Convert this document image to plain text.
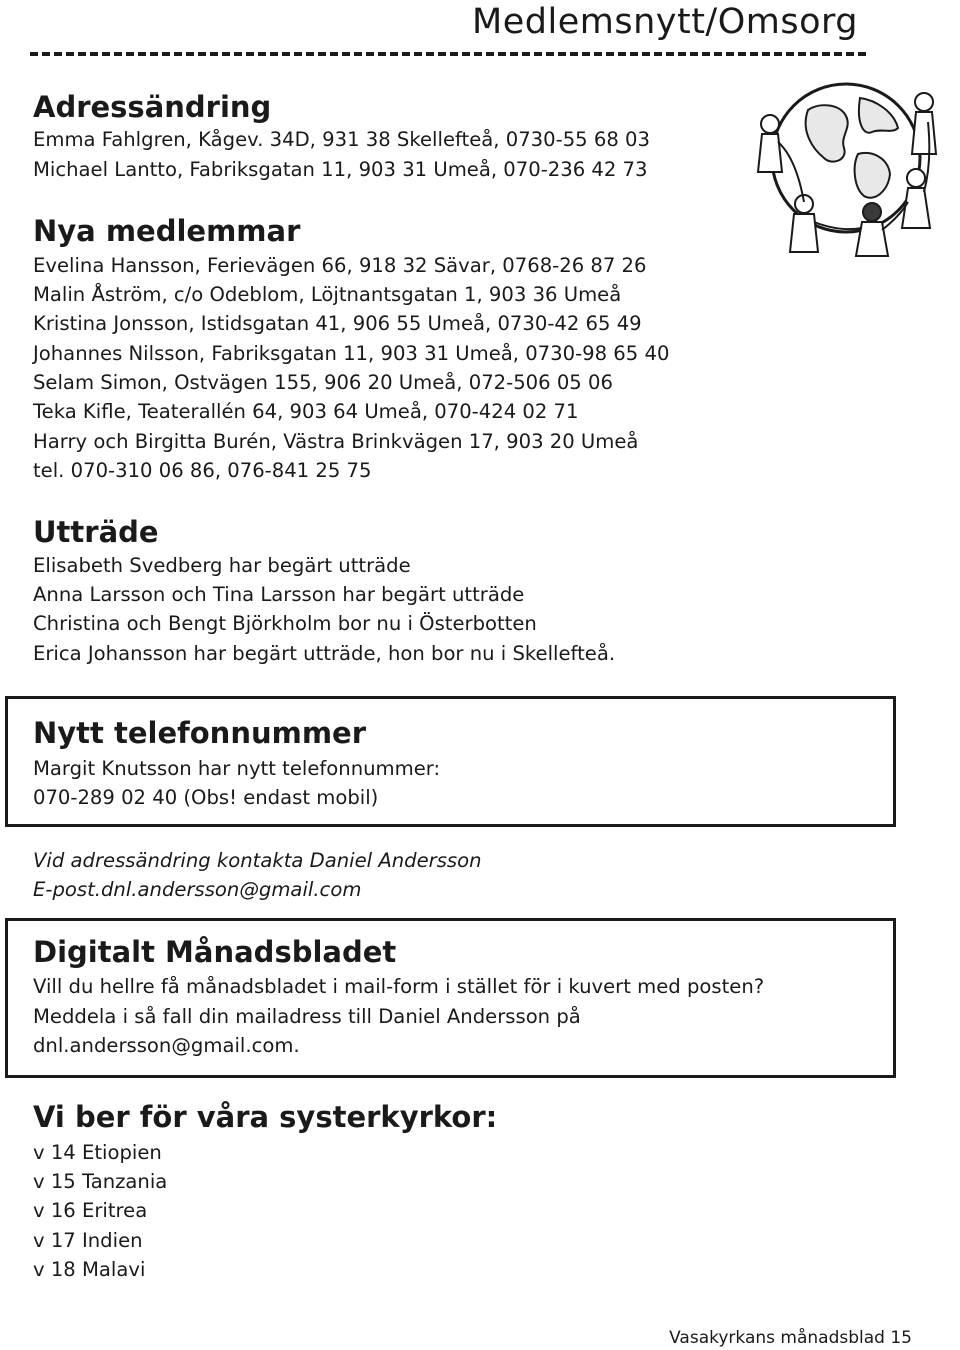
Medlemsnytt/Omsorg
Adressändring
Emma Fahlgren, Kågev. 34D, 931 38 Skellefteå, 0730-55 68 03
Michael Lantto, Fabriksgatan 11, 903 31 Umeå, 070-236 42 73
Nya medlemmar
Evelina Hansson, Ferievägen 66, 918 32 Sävar, 0768-26 87 26
Malin Åström, c/o Odeblom, Löjtnantsgatan 1, 903 36 Umeå
Kristina Jonsson, Istidsgatan 41, 906 55 Umeå, 0730-42 65 49
Johannes Nilsson, Fabriksgatan 11, 903 31 Umeå, 0730-98 65 40
Selam Simon, Ostvägen 155, 906 20 Umeå, 072-506 05 06
Teka Kifle, Teaterallén 64, 903 64 Umeå, 070-424 02 71
Harry och Birgitta Burén, Västra Brinkvägen 17, 903 20 Umeå
tel. 070-310 06 86, 076-841 25 75
Utträde
Elisabeth Svedberg har begärt utträde
Anna Larsson och Tina Larsson har begärt utträde
Christina och Bengt Björkholm bor nu i Österbotten
Erica Johansson har begärt utträde, hon bor nu i Skellefteå.
Nytt telefonnummer
Margit Knutsson har nytt telefonnummer:
070-289 02 40 (Obs! endast mobil)
Vid adressändring kontakta Daniel Andersson
E-post.dnl.andersson@gmail.com
Digitalt Månadsbladet
Vill du hellre få månadsbladet i mail-form i stället för i kuvert med posten?
Meddela i så fall din mailadress till Daniel Andersson på
dnl.andersson@gmail.com.
Vi ber för våra systerkyrkor:
v 14 Etiopien
v 15 Tanzania
v 16 Eritrea
v 17 Indien
v 18 Malavi
Vasakyrkans månadsblad 15
